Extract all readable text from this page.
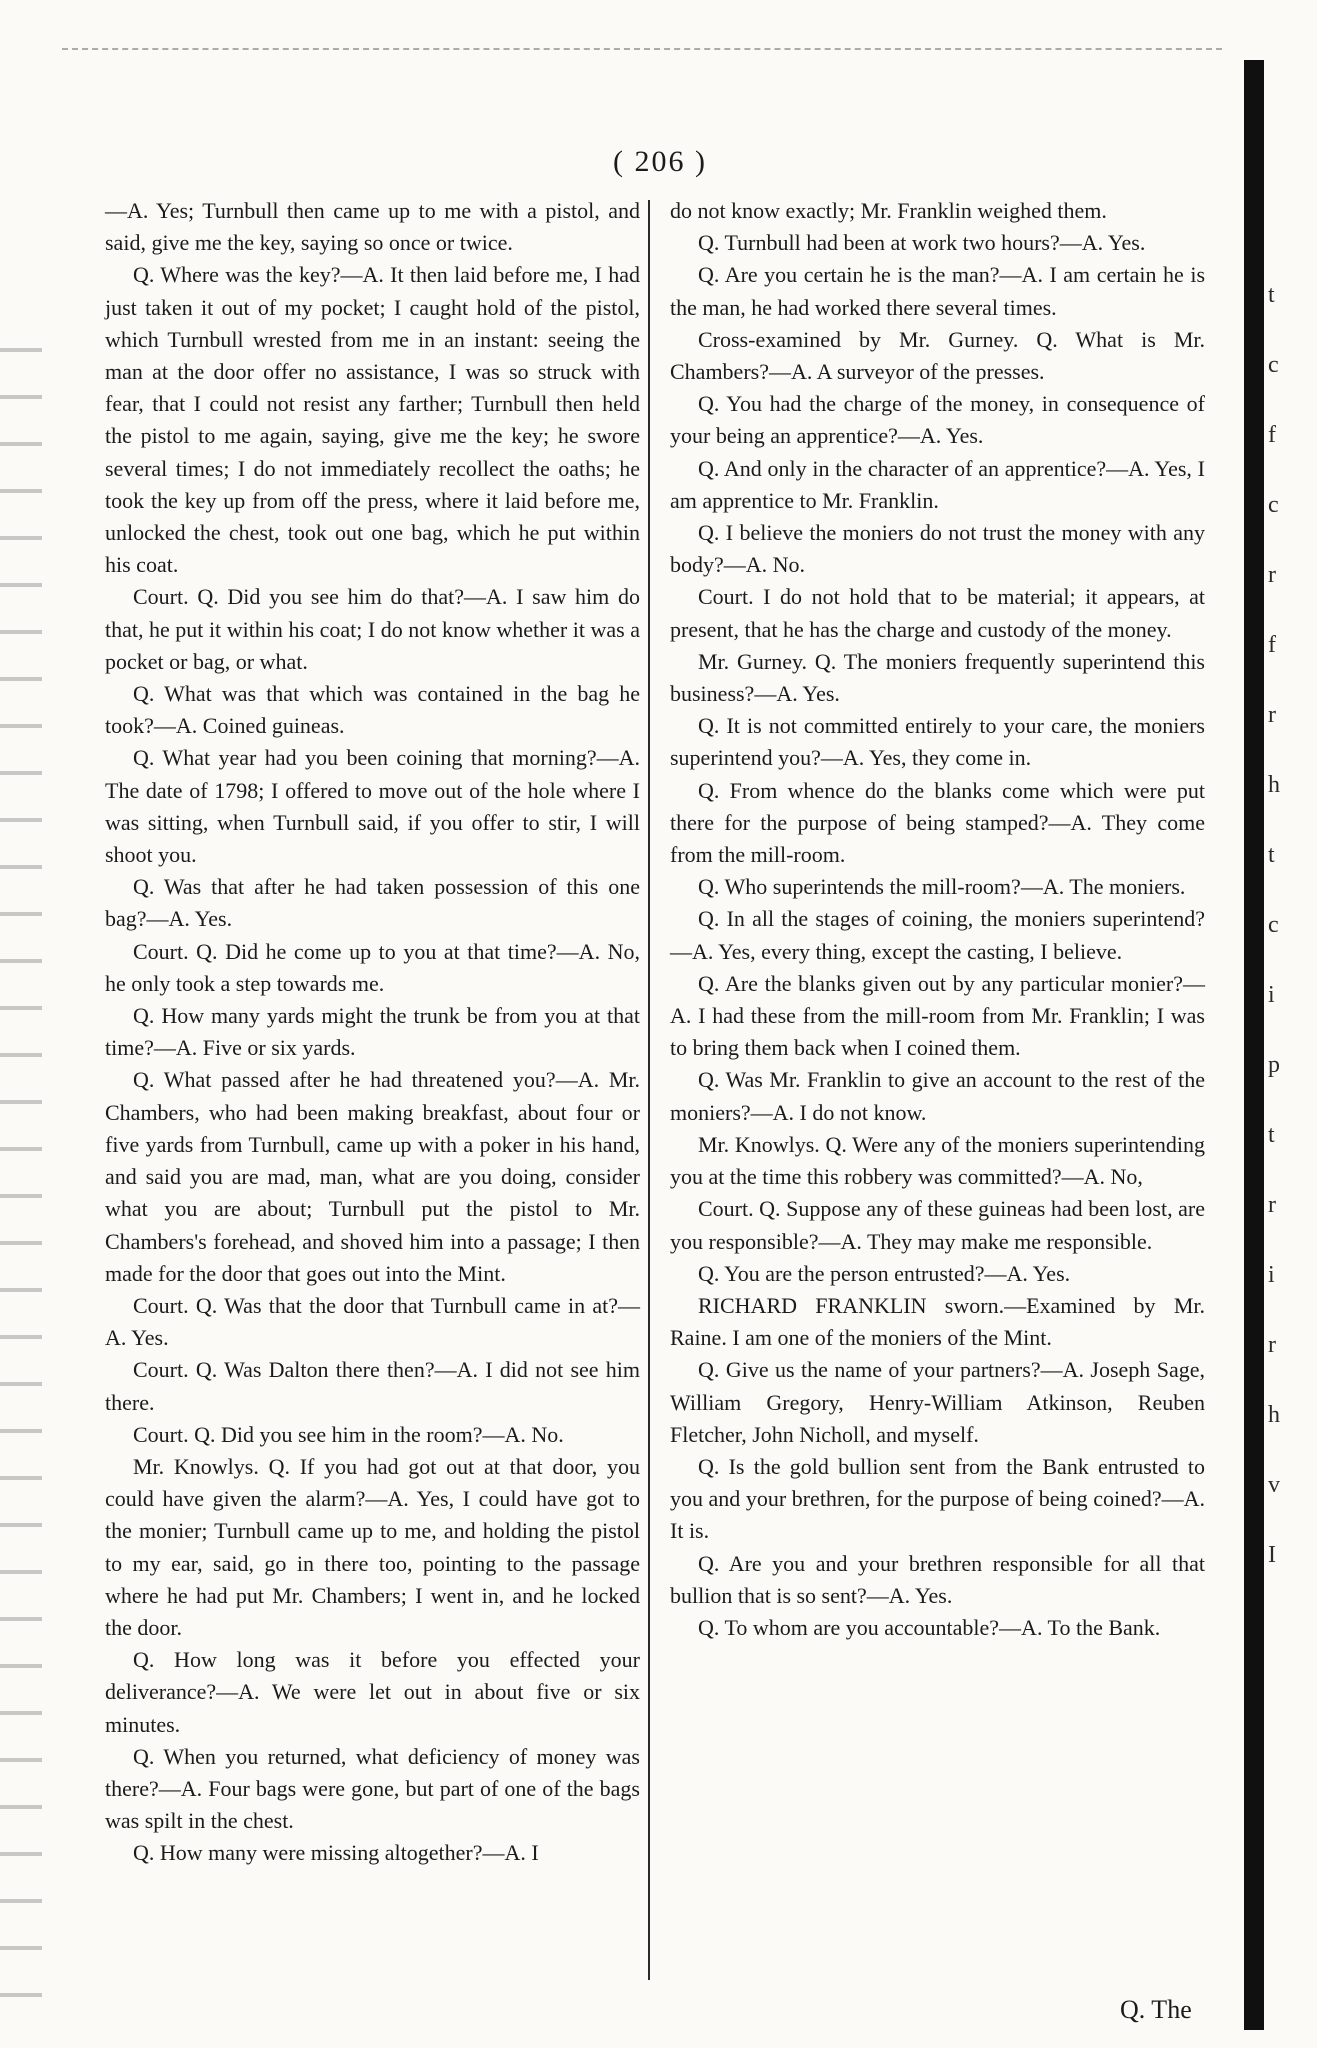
( 206 )

—A. Yes; Turnbull then came up to me with a pistol, and said, give me the key, saying so once or twice.

Q. Where was the key?—A. It then laid before me, I had just taken it out of my pocket; I caught hold of the pistol, which Turnbull wrested from me in an instant: seeing the man at the door offer no assistance, I was so struck with fear, that I could not resist any farther; Turnbull then held the pistol to me again, saying, give me the key; he swore several times; I do not immediately recollect the oaths; he took the key up from off the press, where it laid before me, unlocked the chest, took out one bag, which he put within his coat.

Court. Q. Did you see him do that?—A. I saw him do that, he put it within his coat; I do not know whether it was a pocket or bag, or what.

Q. What was that which was contained in the bag he took?—A. Coined guineas.

Q. What year had you been coining that morning?—A. The date of 1798; I offered to move out of the hole where I was sitting, when Turnbull said, if you offer to stir, I will shoot you.

Q. Was that after he had taken possession of this one bag?—A. Yes.

Court. Q. Did he come up to you at that time?—A. No, he only took a step towards me.

Q. How many yards might the trunk be from you at that time?—A. Five or six yards.

Q. What passed after he had threatened you?—A. Mr. Chambers, who had been making breakfast, about four or five yards from Turnbull, came up with a poker in his hand, and said you are mad, man, what are you doing, consider what you are about; Turnbull put the pistol to Mr. Chambers's forehead, and shoved him into a passage; I then made for the door that goes out into the Mint.

Court. Q. Was that the door that Turnbull came in at?—A. Yes.

Court. Q. Was Dalton there then?—A. I did not see him there.

Court. Q. Did you see him in the room?—A. No.

Mr. Knowlys. Q. If you had got out at that door, you could have given the alarm?—A. Yes, I could have got to the monier; Turnbull came up to me, and holding the pistol to my ear, said, go in there too, pointing to the passage where he had put Mr. Chambers; I went in, and he locked the door.

Q. How long was it before you effected your deliverance?—A. We were let out in about five or six minutes.

Q. When you returned, what deficiency of money was there?—A. Four bags were gone, but part of one of the bags was spilt in the chest.

Q. How many were missing altogether?—A. I

do not know exactly; Mr. Franklin weighed them.

Q. Turnbull had been at work two hours?—A. Yes.

Q. Are you certain he is the man?—A. I am certain he is the man, he had worked there several times.

Cross-examined by Mr. Gurney. Q. What is Mr. Chambers?—A. A surveyor of the presses.

Q. You had the charge of the money, in consequence of your being an apprentice?—A. Yes.

Q. And only in the character of an apprentice?—A. Yes, I am apprentice to Mr. Franklin.

Q. I believe the moniers do not trust the money with any body?—A. No.

Court. I do not hold that to be material; it appears, at present, that he has the charge and custody of the money.

Mr. Gurney. Q. The moniers frequently superintend this business?—A. Yes.

Q. It is not committed entirely to your care, the moniers superintend you?—A. Yes, they come in.

Q. From whence do the blanks come which were put there for the purpose of being stamped?—A. They come from the mill-room.

Q. Who superintends the mill-room?—A. The moniers.

Q. In all the stages of coining, the moniers superintend?—A. Yes, every thing, except the casting, I believe.

Q. Are the blanks given out by any particular monier?—A. I had these from the mill-room from Mr. Franklin; I was to bring them back when I coined them.

Q. Was Mr. Franklin to give an account to the rest of the moniers?—A. I do not know.

Mr. Knowlys. Q. Were any of the moniers superintending you at the time this robbery was committed?—A. No,

Court. Q. Suppose any of these guineas had been lost, are you responsible?—A. They may make me responsible.

Q. You are the person entrusted?—A. Yes.

RICHARD FRANKLIN sworn.—Examined by Mr. Raine. I am one of the moniers of the Mint.

Q. Give us the name of your partners?—A. Joseph Sage, William Gregory, Henry-William Atkinson, Reuben Fletcher, John Nicholl, and myself.

Q. Is the gold bullion sent from the Bank entrusted to you and your brethren, for the purpose of being coined?—A. It is.

Q. Are you and your brethren responsible for all that bullion that is so sent?—A. Yes.

Q. To whom are you accountable?—A. To the Bank.

Q. The
t
c
f
c
r
f
r
h
t
c
i
p
t
r
i
r
h
v
I
